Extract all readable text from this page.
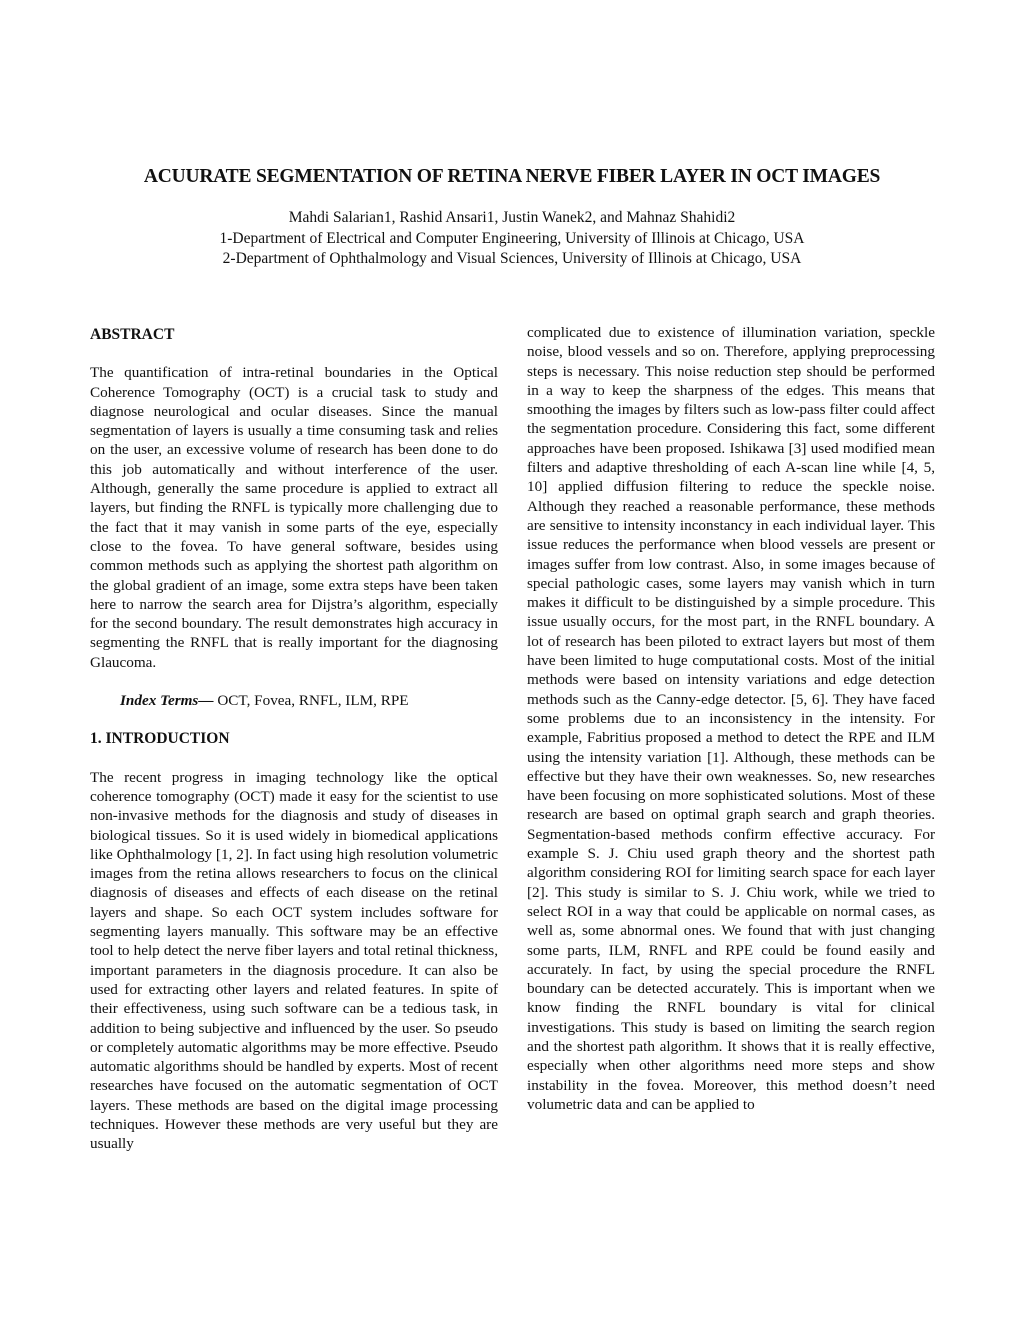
ACUURATE SEGMENTATION OF RETINA NERVE FIBER LAYER IN OCT IMAGES
Mahdi Salarian1, Rashid Ansari1, Justin Wanek2, and Mahnaz Shahidi2
1-Department of Electrical and Computer Engineering, University of Illinois at Chicago, USA
2-Department of Ophthalmology and Visual Sciences, University of Illinois at Chicago, USA
ABSTRACT

The quantification of intra-retinal boundaries in the Optical Coherence Tomography (OCT) is a crucial task to study and diagnose neurological and ocular diseases. Since the manual segmentation of layers is usually a time consuming task and relies on the user, an excessive volume of research has been done to do this job automatically and without interference of the user. Although, generally the same procedure is applied to extract all layers, but finding the RNFL is typically more challenging due to the fact that it may vanish in some parts of the eye, especially close to the fovea. To have general software, besides using common methods such as applying the shortest path algorithm on the global gradient of an image, some extra steps have been taken here to narrow the search area for Dijstra’s algorithm, especially for the second boundary. The result demonstrates high accuracy in segmenting the RNFL that is really important for the diagnosing Glaucoma.

Index Terms— OCT, Fovea, RNFL, ILM, RPE

1. INTRODUCTION

The recent progress in imaging technology like the optical coherence tomography (OCT) made it easy for the scientist to use non-invasive methods for the diagnosis and study of diseases in biological tissues. So it is used widely in biomedical applications like Ophthalmology [1, 2]. In fact using high resolution volumetric images from the retina allows researchers to focus on the clinical diagnosis of diseases and effects of each disease on the retinal layers and shape. So each OCT system includes software for segmenting layers manually. This software may be an effective tool to help detect the nerve fiber layers and total retinal thickness, important parameters in the diagnosis procedure. It can also be used for extracting other layers and related features. In spite of their effectiveness, using such software can be a tedious task, in addition to being subjective and influenced by the user. So pseudo or completely automatic algorithms may be more effective. Pseudo automatic algorithms should be handled by experts. Most of recent researches have focused on the automatic segmentation of OCT layers. These methods are based on the digital image processing techniques. However these methods are very useful but they are usually

complicated due to existence of illumination variation, speckle noise, blood vessels and so on. Therefore, applying preprocessing steps is necessary. This noise reduction step should be performed in a way to keep the sharpness of the edges. This means that smoothing the images by filters such as low-pass filter could affect the segmentation procedure. Considering this fact, some different approaches have been proposed. Ishikawa [3] used modified mean filters and adaptive thresholding of each A-scan line while [4, 5, 10] applied diffusion filtering to reduce the speckle noise. Although they reached a reasonable performance, these methods are sensitive to intensity inconstancy in each individual layer. This issue reduces the performance when blood vessels are present or images suffer from low contrast. Also, in some images because of special pathologic cases, some layers may vanish which in turn makes it difficult to be distinguished by a simple procedure. This issue usually occurs, for the most part, in the RNFL boundary. A lot of research has been piloted to extract layers but most of them have been limited to huge computational costs. Most of the initial methods were based on intensity variations and edge detection methods such as the Canny-edge detector. [5, 6]. They have faced some problems due to an inconsistency in the intensity. For example, Fabritius proposed a method to detect the RPE and ILM using the intensity variation [1]. Although, these methods can be effective but they have their own weaknesses. So, new researches have been focusing on more sophisticated solutions. Most of these research are based on optimal graph search and graph theories. Segmentation-based methods confirm effective accuracy. For example S. J. Chiu used graph theory and the shortest path algorithm considering ROI for limiting search space for each layer [2]. This study is similar to S. J. Chiu work, while we tried to select ROI in a way that could be applicable on normal cases, as well as, some abnormal ones. We found that with just changing some parts, ILM, RNFL and RPE could be found easily and accurately. In fact, by using the special procedure the RNFL boundary can be detected accurately. This is important when we know finding the RNFL boundary is vital for clinical investigations. This study is based on limiting the search region and the shortest path algorithm. It shows that it is really effective, especially when other algorithms need more steps and show instability in the fovea. Moreover, this method doesn’t need volumetric data and can be applied to
